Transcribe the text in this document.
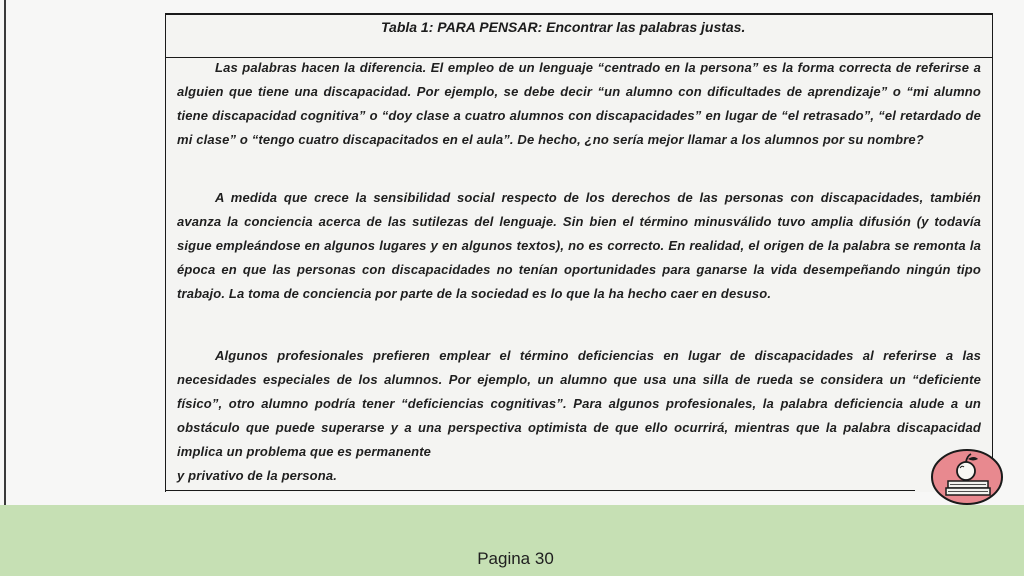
Tabla 1: PARA PENSAR: Encontrar las palabras justas.
Las palabras hacen la diferencia. El empleo de un lenguaje “centrado en la persona” es la forma correcta de referirse a alguien que tiene una discapacidad. Por ejemplo, se debe decir “un alumno con dificultades de aprendizaje” o “mi alumno tiene discapacidad cognitiva” o “doy clase a cuatro alumnos con discapacidades” en lugar de “el retrasado”, “el retardado de mi clase” o “tengo cuatro discapacitados en el aula”. De hecho, ¿no sería mejor llamar a los alumnos por su nombre?
A medida que crece la sensibilidad social respecto de los derechos de las personas con discapacidades, también avanza la conciencia acerca de las sutilezas del lenguaje. Sin bien el término minusválido tuvo amplia difusión (y todavía sigue empleándose en algunos lugares y en algunos textos), no es correcto. En realidad, el origen de la palabra se remonta la época en que las personas con discapacidades no tenían oportunidades para ganarse la vida desempeñando ningún tipo trabajo. La toma de conciencia por parte de la sociedad es lo que la ha hecho caer en desuso.
Algunos profesionales prefieren emplear el término deficiencias en lugar de discapacidades al referirse a las necesidades especiales de los alumnos. Por ejemplo, un alumno que usa una silla de rueda se considera un “deficiente físico”, otro alumno podría tener “deficiencias cognitivas”. Para algunos profesionales, la palabra deficiencia alude a un obstáculo que puede superarse y a una perspectiva optimista de que ello ocurrirá, mientras que la palabra discapacidad implica un problema que es permanente
y privativo de la persona.
Pagina 30
